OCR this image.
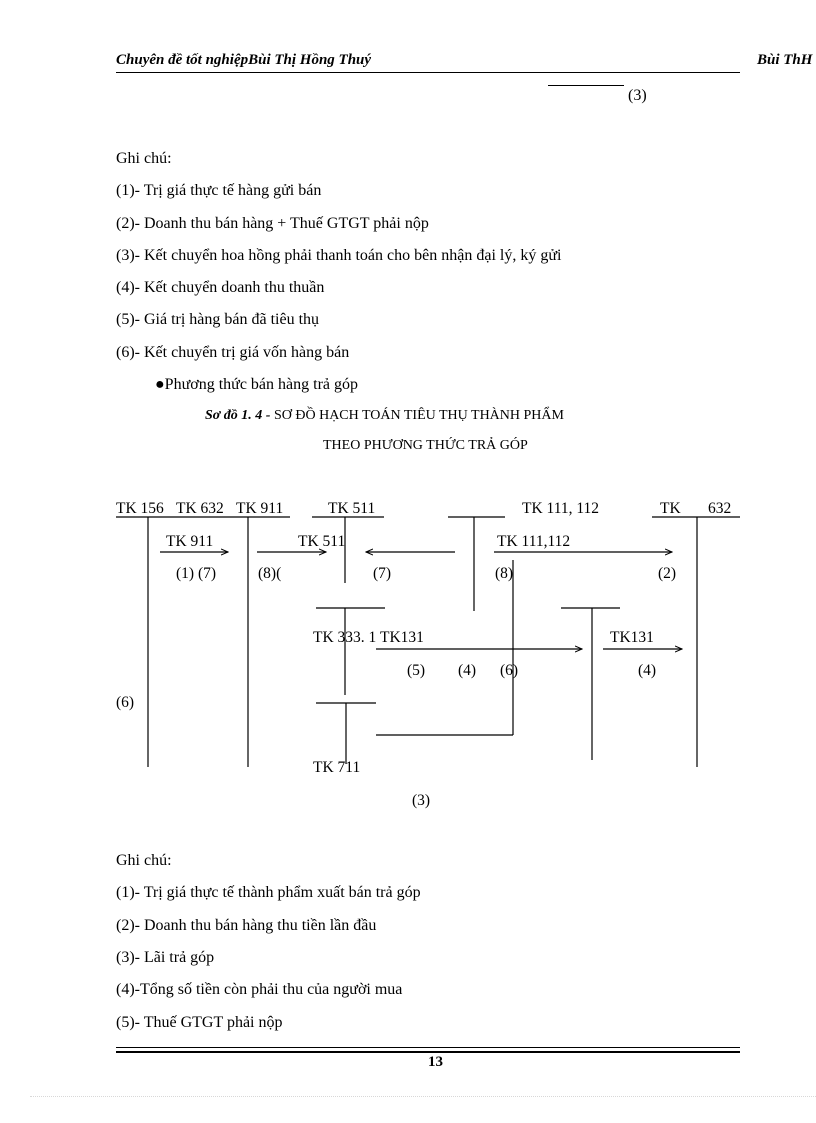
Chuyên đề tốt nghiệpBùi Thị Hồng Thuý	Bùi ThH
(3)
Ghi chú:
(1)- Trị giá thực tế hàng gửi bán
(2)- Doanh thu bán hàng + Thuế GTGT phải nộp
(3)- Kết chuyển hoa hồng phải thanh toán cho bên nhận đại lý, ký gửi
(4)- Kết chuyển doanh thu thuần
(5)- Giá trị hàng bán đã tiêu thụ
(6)- Kết chuyển trị giá vốn hàng bán
●Phương thức bán hàng trả góp
Sơ đồ 1. 4 - SƠ ĐỒ HẠCH TOÁN TIÊU THỤ THÀNH PHẨM
THEO PHƯƠNG THỨC TRẢ GÓP
TK 156 TK 632 TK 911	TK 511	TK 111, 112	TK 632
TK 911	TK 511	TK 111,112
(1) (7)	(8)(	(7)	(8)	(2)
TK 333. 1 TK131	TK131
(5) (4) (6)	(4)
(6)
TK 711
(3)
Ghi chú:
(1)- Trị giá thực tế thành phẩm xuất bán trả góp
(2)- Doanh thu bán hàng thu tiền lần đầu
(3)- Lãi trả góp
(4)-Tổng số tiền còn phải thu của người mua
(5)- Thuế GTGT phải nộp
13
